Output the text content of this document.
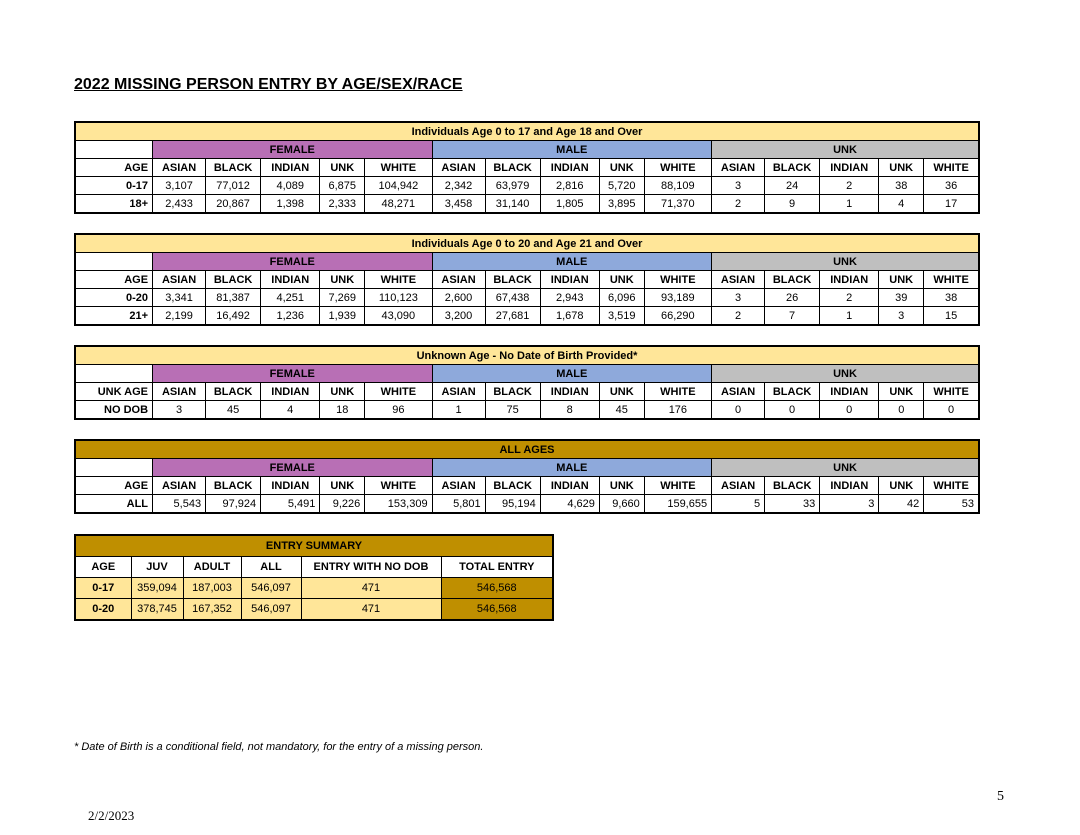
2022 MISSING PERSON ENTRY BY AGE/SEX/RACE
Individuals Age 0 to 17 and Age 18 and Over															
	FEMALE					MALE					UNK				
AGE	ASIAN	BLACK	INDIAN	UNK	WHITE	ASIAN	BLACK	INDIAN	UNK	WHITE	ASIAN	BLACK	INDIAN	UNK	WHITE
0-17	3,107	77,012	4,089	6,875	104,942	2,342	63,979	2,816	5,720	88,109	3	24	2	38	36
18+	2,433	20,867	1,398	2,333	48,271	3,458	31,140	1,805	3,895	71,370	2	9	1	4	17
Individuals Age 0 to 20 and Age 21 and Over															
	FEMALE					MALE					UNK				
AGE	ASIAN	BLACK	INDIAN	UNK	WHITE	ASIAN	BLACK	INDIAN	UNK	WHITE	ASIAN	BLACK	INDIAN	UNK	WHITE
0-20	3,341	81,387	4,251	7,269	110,123	2,600	67,438	2,943	6,096	93,189	3	26	2	39	38
21+	2,199	16,492	1,236	1,939	43,090	3,200	27,681	1,678	3,519	66,290	2	7	1	3	15
Unknown Age - No Date of Birth Provided*															
	FEMALE					MALE					UNK				
UNK AGE	ASIAN	BLACK	INDIAN	UNK	WHITE	ASIAN	BLACK	INDIAN	UNK	WHITE	ASIAN	BLACK	INDIAN	UNK	WHITE
NO DOB	3	45	4	18	96	1	75	8	45	176	0	0	0	0	0
ALL AGES															
	FEMALE					MALE					UNK				
AGE	ASIAN	BLACK	INDIAN	UNK	WHITE	ASIAN	BLACK	INDIAN	UNK	WHITE	ASIAN	BLACK	INDIAN	UNK	WHITE
ALL	5,543	97,924	5,491	9,226	153,309	5,801	95,194	4,629	9,660	159,655	5	33	3	42	53
ENTRY SUMMARY					
AGE	JUV	ADULT	ALL	ENTRY WITH NO DOB	TOTAL ENTRY
0-17	359,094	187,003	546,097	471	546,568
0-20	378,745	167,352	546,097	471	546,568
* Date of Birth is a conditional field, not mandatory, for the entry of a missing person.
5
2/2/2023
